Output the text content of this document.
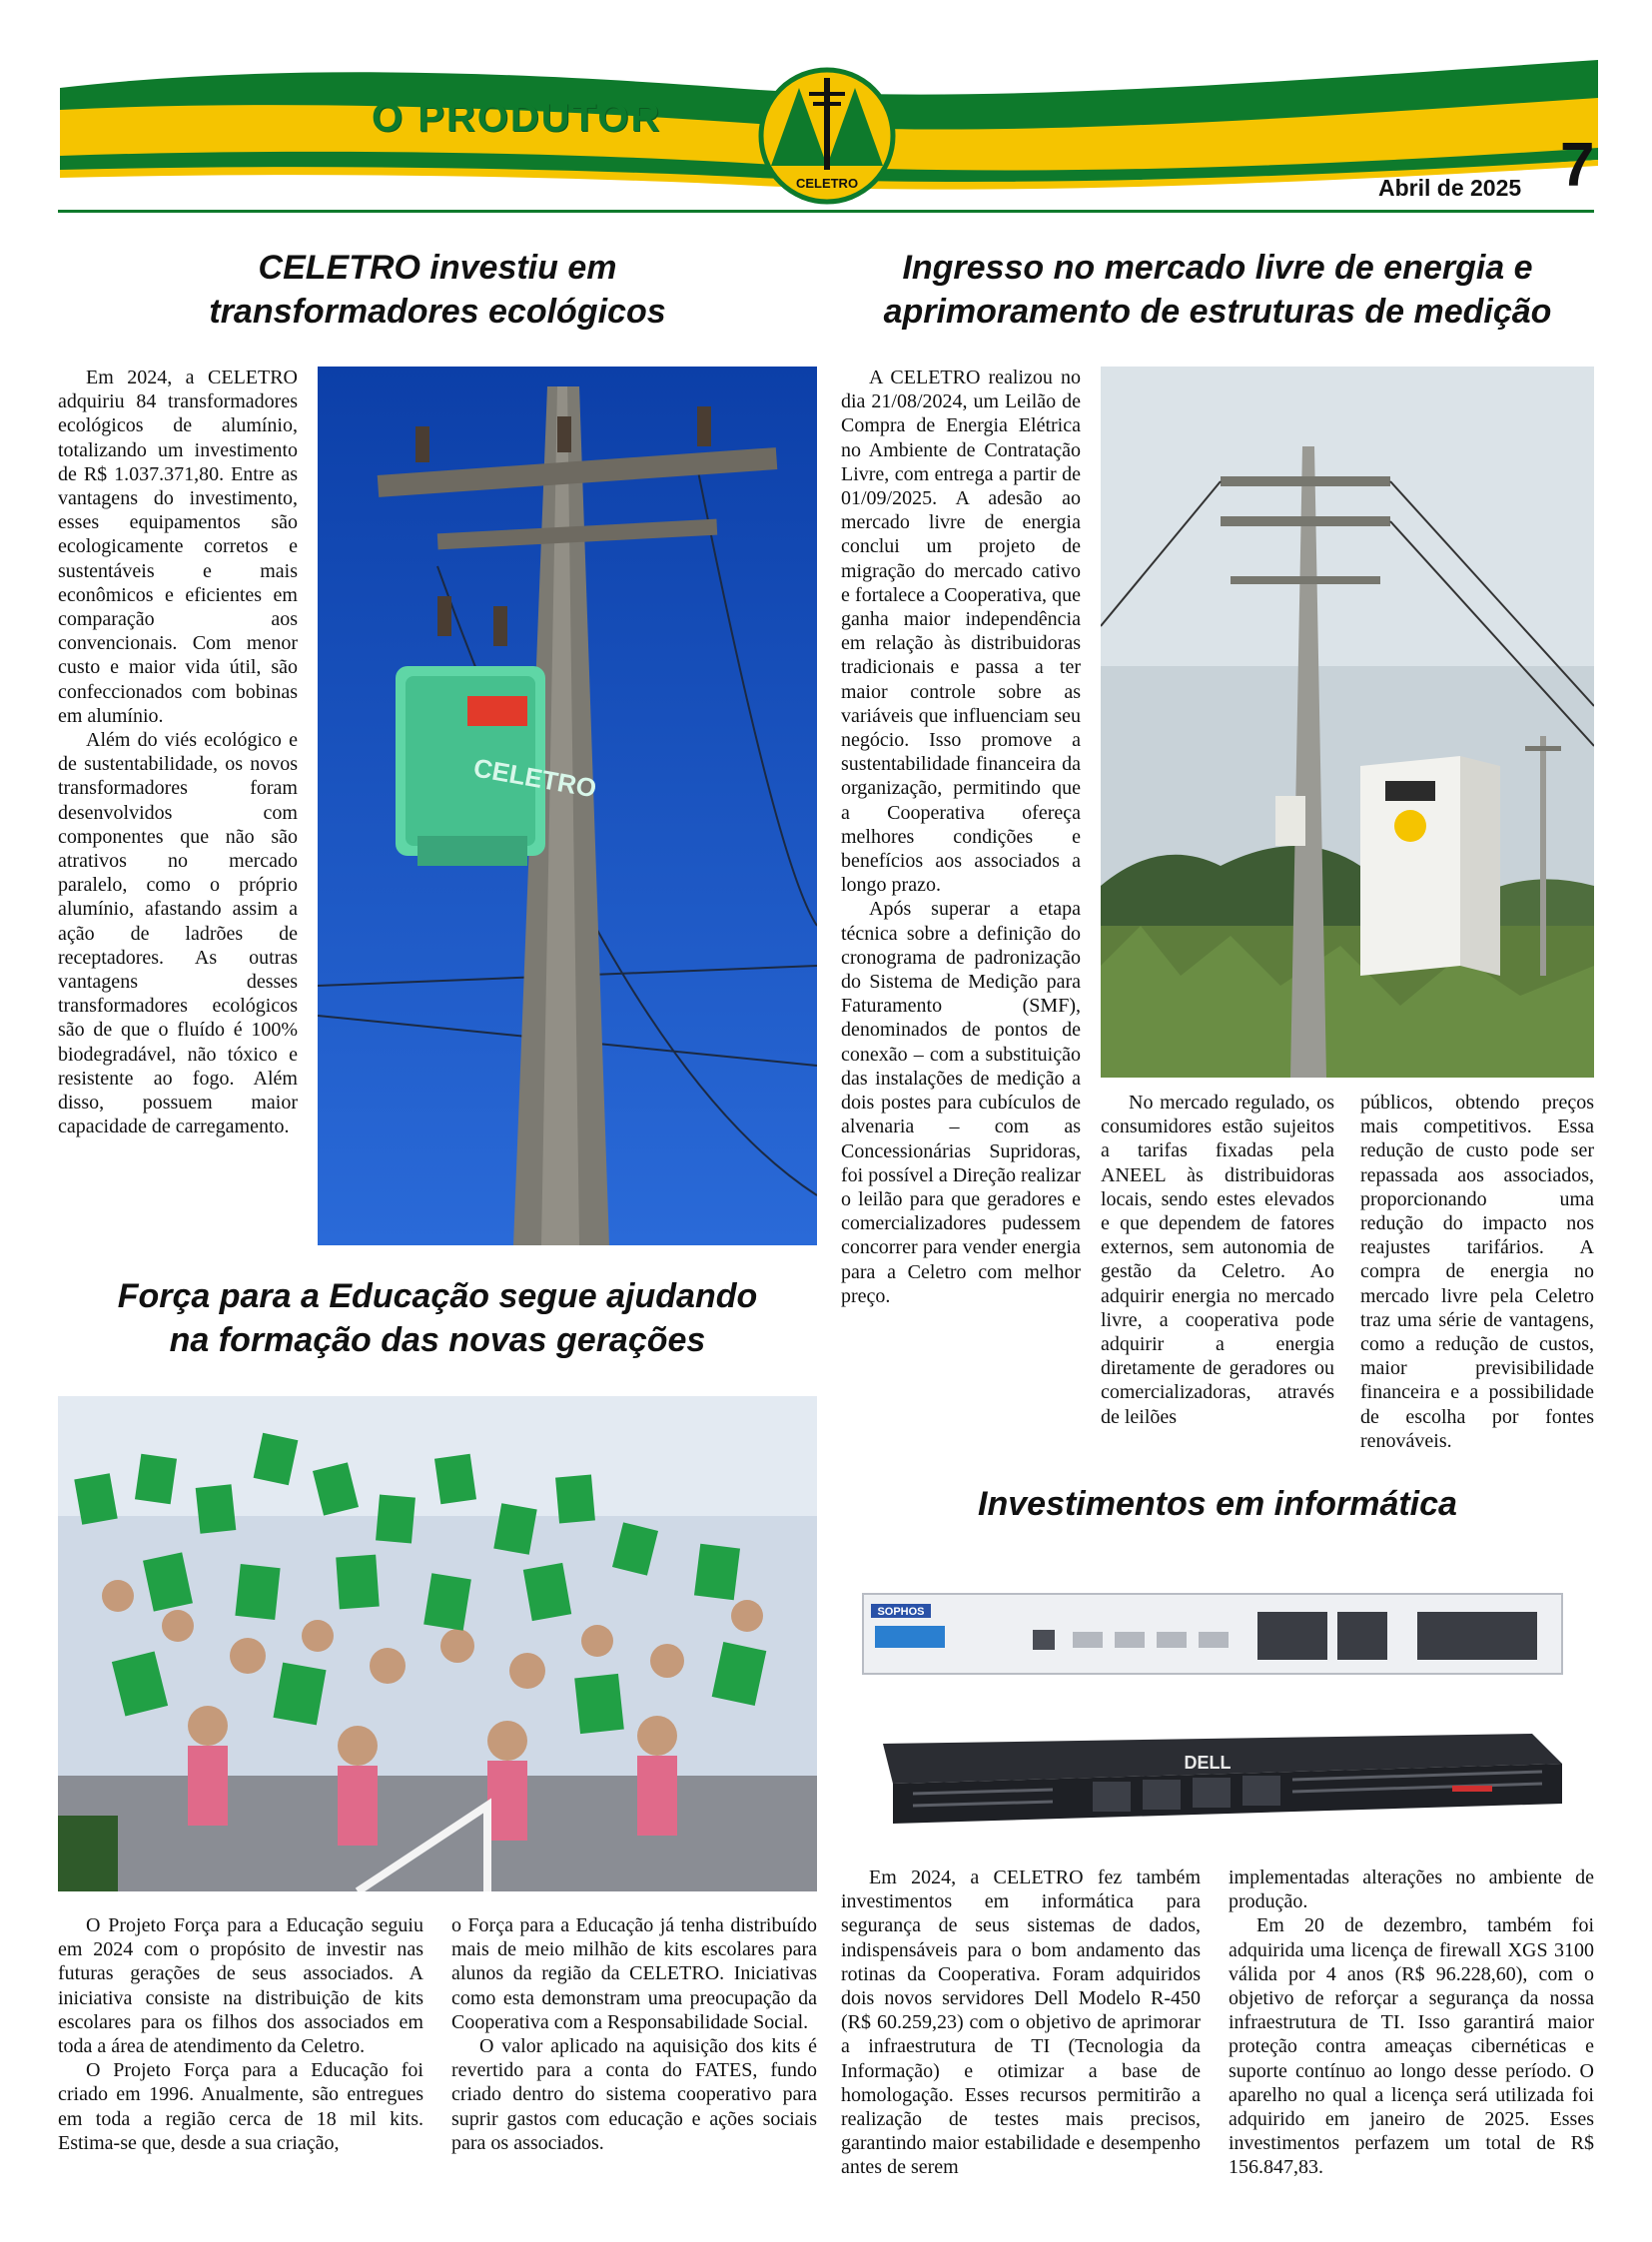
O PRODUTOR
CELETRO	Abril de 2025 7
CELETRO investiu em
transformadores ecológicos

Em 2024, a CELETRO adquiriu 84 transformadores ecológicos de alumínio, totalizando um investimento de R$ 1.037.371,80. Entre as vantagens do investimento, esses equipamentos são ecologicamente corretos e sustentáveis e mais econômicos e eficientes em comparação aos convencionais. Com menor custo e maior vida útil, são confeccionados com bobinas em alumínio.

Além do viés ecológico e de sustentabilidade, os novos transformadores foram desenvolvidos com componentes que não são atrativos no mercado paralelo, como o próprio alumínio, afastando assim a ação de ladrões de receptadores. As outras vantagens desses transformadores ecológicos são de que o fluído é 100% biodegradável, não tóxico e resistente ao fogo. Além disso, possuem maior capacidade de carregamento.

CELETRO
Ingresso no mercado livre de energia e
aprimoramento de estruturas de medição

A CELETRO realizou no dia 21/08/2024, um Leilão de Compra de Energia Elétrica no Ambiente de Contratação Livre, com entrega a partir de 01/09/2025. A adesão ao mercado livre de energia conclui um projeto de migração do mercado cativo e fortalece a Cooperativa, que ganha maior independência em relação às distribuidoras tradicionais e passa a ter maior controle sobre as variáveis que influenciam seu negócio. Isso promove a sustentabilidade financeira da organização, permitindo que a Cooperativa ofereça melhores condições e benefícios aos associados a longo prazo.

Após superar a etapa técnica sobre a definição do cronograma de padronização do Sistema de Medição para Faturamento (SMF), denominados de pontos de conexão – com a substituição das instalações de medição a dois postes para cubículos de alvenaria – com as Concessionárias Supridoras, foi possível a Direção realizar o leilão para que geradores e comercializadores pudessem concorrer para vender energia para a Celetro com melhor preço.

No mercado regulado, os consumidores estão sujeitos a tarifas fixadas pela ANEEL às distribuidoras locais, sendo estes elevados e que dependem de fatores externos, sem autonomia de gestão da Celetro. Ao adquirir energia no mercado livre, a cooperativa pode adquirir a energia diretamente de geradores ou comercializadoras, através de leilões

públicos, obtendo preços mais competitivos. Essa redução de custo pode ser repassada aos associados, proporcionando uma redução do impacto nos reajustes tarifários. A compra de energia no mercado livre pela Celetro traz uma série de vantagens, como a redução de custos, maior previsibilidade financeira e a possibilidade de escolha por fontes renováveis.

Força para a Educação segue ajudando
na formação das novas gerações

O Projeto Força para a Educação seguiu em 2024 com o propósito de investir nas futuras gerações de seus associados. A iniciativa consiste na distribuição de kits escolares para os filhos dos associados em toda a área de atendimento da Celetro.

O Projeto Força para a Educação foi criado em 1996. Anualmente, são entregues em toda a região cerca de 18 mil kits. Estima-se que, desde a sua criação,

o Força para a Educação já tenha distribuído mais de meio milhão de kits escolares para alunos da região da CELETRO. Iniciativas como esta demonstram uma preocupação da Cooperativa com a Responsabilidade Social.

O valor aplicado na aquisição dos kits é revertido para a conta do FATES, fundo criado dentro do sistema cooperativo para suprir gastos com educação e ações sociais para os associados.

Investimentos em informática
SOPHOS
DELL

Em 2024, a CELETRO fez também investimentos em informática para segurança de seus sistemas de dados, indispensáveis para o bom andamento das rotinas da Cooperativa. Foram adquiridos dois novos servidores Dell Modelo R-450 (R$ 60.259,23) com o objetivo de aprimorar a infraestrutura de TI (Tecnologia da Informação) e otimizar a base de homologação. Esses recursos permitirão a realização de testes mais precisos, garantindo maior estabilidade e desempenho antes de serem

implementadas alterações no ambiente de produção.

Em 20 de dezembro, também foi adquirida uma licença de firewall XGS 3100 válida por 4 anos (R$ 96.228,60), com o objetivo de reforçar a segurança da nossa infraestrutura de TI. Isso garantirá maior proteção contra ameaças cibernéticas e suporte contínuo ao longo desse período. O aparelho no qual a licença será utilizada foi adquirido em janeiro de 2025. Esses investimentos perfazem um total de R$ 156.847,83.
